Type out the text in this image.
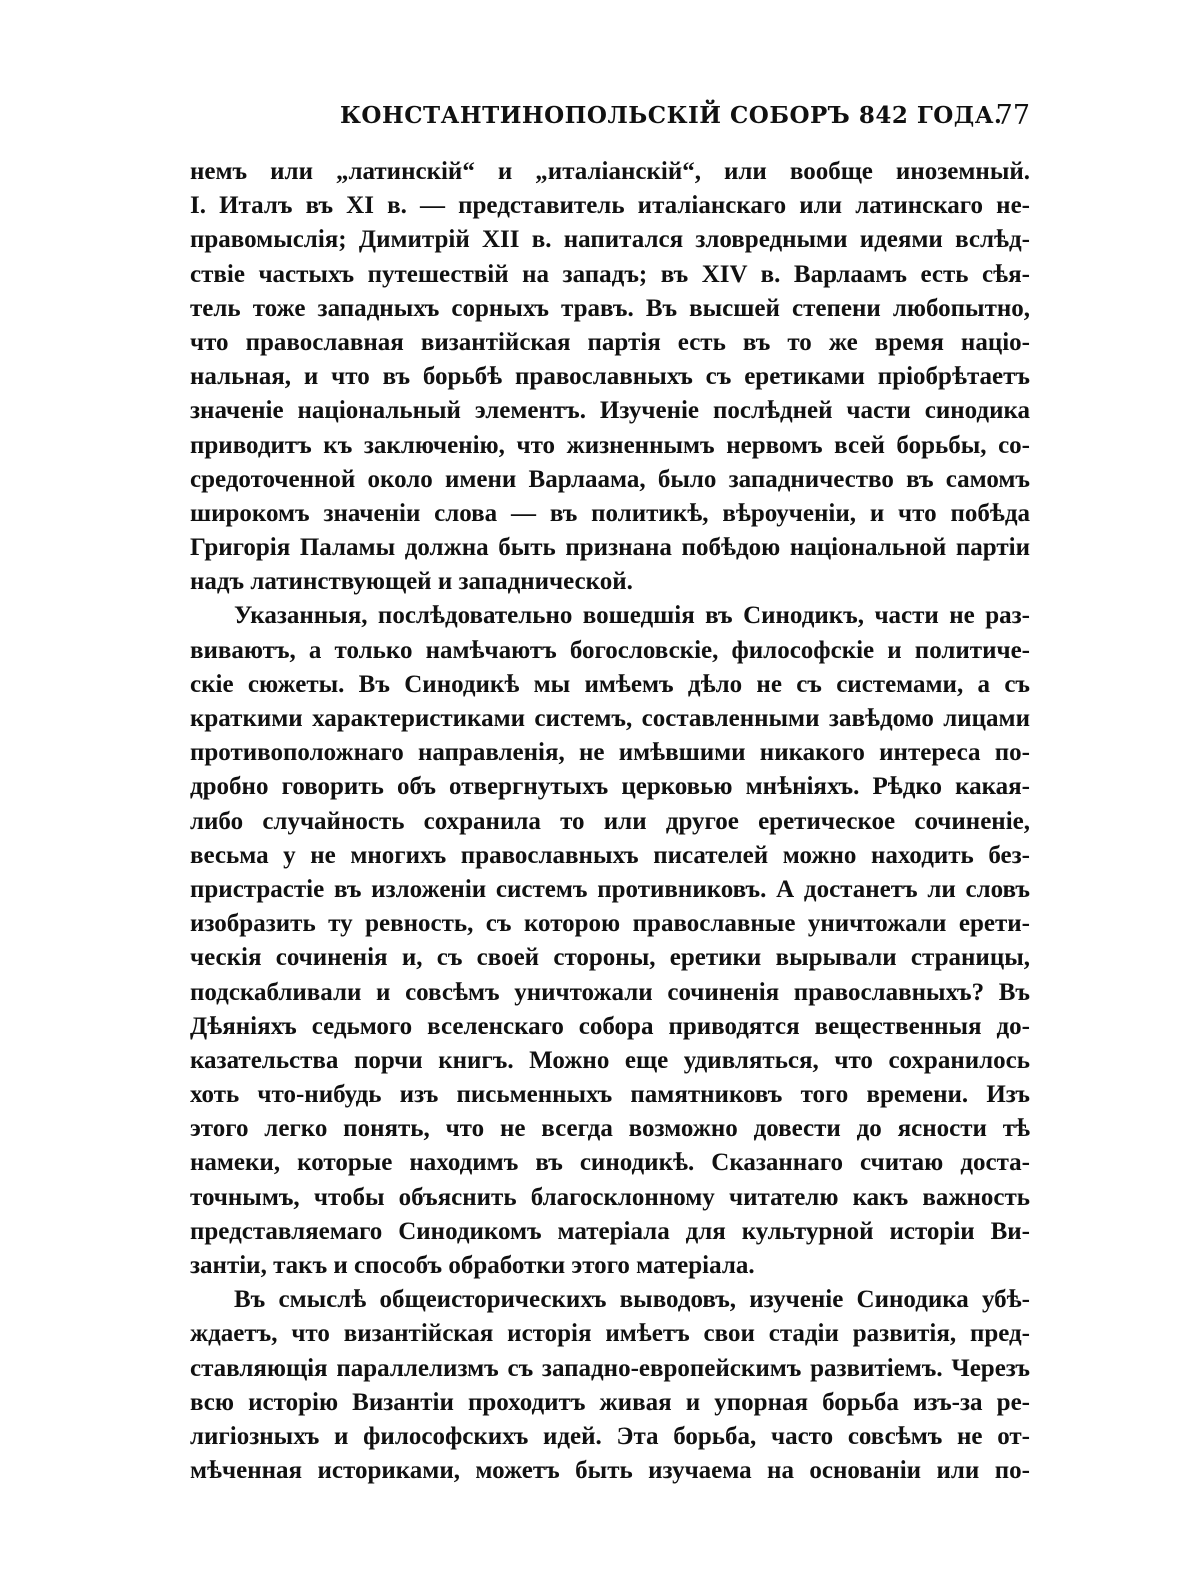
КОНСТАНТИНОПОЛЬСКІЙ СОБОРЪ 842 ГОДА.
77
немъ или „латинскій“ и „италіанскій“, или вообще иноземный.
І. Италъ въ XI в. — представитель италіанскаго или латинскаго не-
правомыслія; Димитрій XII в. напитался зловредными идеями вслѣд-
ствіе частыхъ путешествій на западъ; въ XIV в. Варлаамъ есть сѣя-
тель тоже западныхъ сорныхъ травъ. Въ высшей степени любопытно,
что православная византійская партія есть въ то же время націо-
нальная, и что въ борьбѣ православныхъ съ еретиками пріобрѣтаетъ
значеніе національный элементъ. Изученіе послѣдней части синодика
приводитъ къ заключенію, что жизненнымъ нервомъ всей борьбы, со-
средоточенной около имени Варлаама, было западничество въ самомъ
широкомъ значеніи слова — въ политикѣ, вѣроученіи, и что побѣда
Григорія Паламы должна быть признана побѣдою національной партіи
надъ латинствующей и западнической.
Указанныя, послѣдовательно вошедшія въ Синодикъ, части не раз-
виваютъ, а только намѣчаютъ богословскіе, философскіе и политиче-
скіе сюжеты. Въ Синодикѣ мы имѣемъ дѣло не съ системами, а съ
краткими характеристиками системъ, составленными завѣдомо лицами
противоположнаго направленія, не имѣвшими никакого интереса по-
дробно говорить объ отвергнутыхъ церковью мнѣніяхъ. Рѣдко какая-
либо случайность сохранила то или другое еретическое сочиненіе,
весьма у не многихъ православныхъ писателей можно находить без-
пристрастіе въ изложеніи системъ противниковъ. А достанетъ ли словъ
изобразить ту ревность, съ которою православные уничтожали ерети-
ческія сочиненія и, съ своей стороны, еретики вырывали страницы,
подскабливали и совсѣмъ уничтожали сочиненія православныхъ? Въ
Дѣяніяхъ седьмого вселенскаго собора приводятся вещественныя до-
казательства порчи книгъ. Можно еще удивляться, что сохранилось
хоть что-нибудь изъ письменныхъ памятниковъ того времени. Изъ
этого легко понять, что не всегда возможно довести до ясности тѣ
намеки, которые находимъ въ синодикѣ. Сказаннаго считаю доста-
точнымъ, чтобы объяснить благосклонному читателю какъ важность
представляемаго Синодикомъ матеріала для культурной исторіи Ви-
зантіи, такъ и способъ обработки этого матеріала.
Въ смыслѣ общеисторическихъ выводовъ, изученіе Синодика убѣ-
ждаетъ, что византійская исторія имѣетъ свои стадіи развитія, пред-
ставляющія параллелизмъ съ западно-европейскимъ развитіемъ. Черезъ
всю исторію Византіи проходитъ живая и упорная борьба изъ-за ре-
лигіозныхъ и философскихъ идей. Эта борьба, часто совсѣмъ не от-
мѣченная историками, можетъ быть изучаема на основаніи или по-
